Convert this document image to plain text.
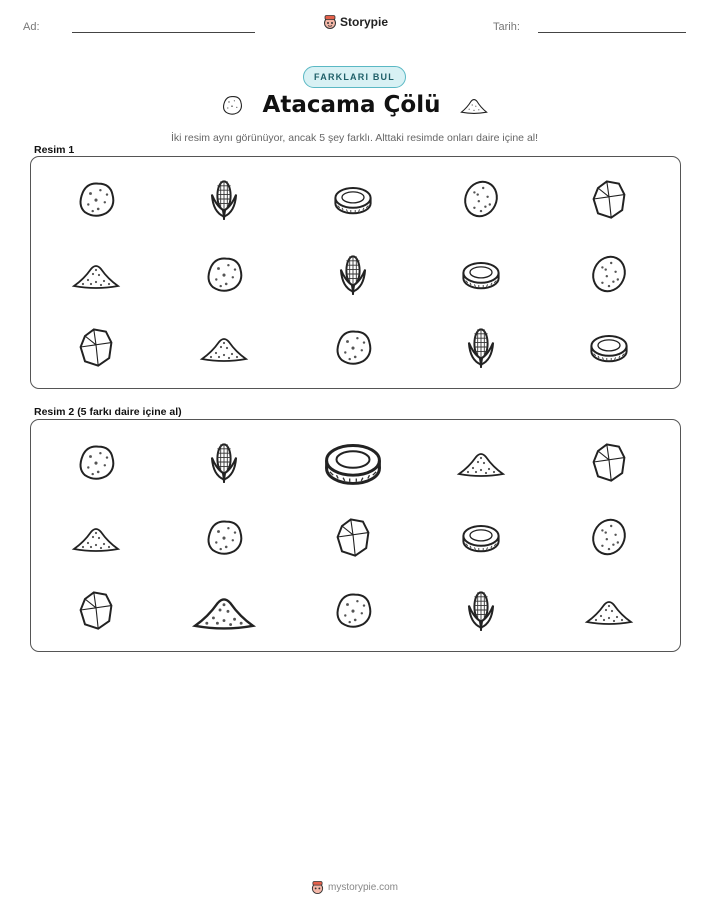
Ad:	Storypie	Tarih:
FARKLARI BUL
Atacama Çölü
İki resim aynı görünüyor, ancak 5 şey farklı. Alttaki resimde onları daire içine al!
Resim 1
Resim 2 (5 farkı daire içine al)
mystorypie.com
